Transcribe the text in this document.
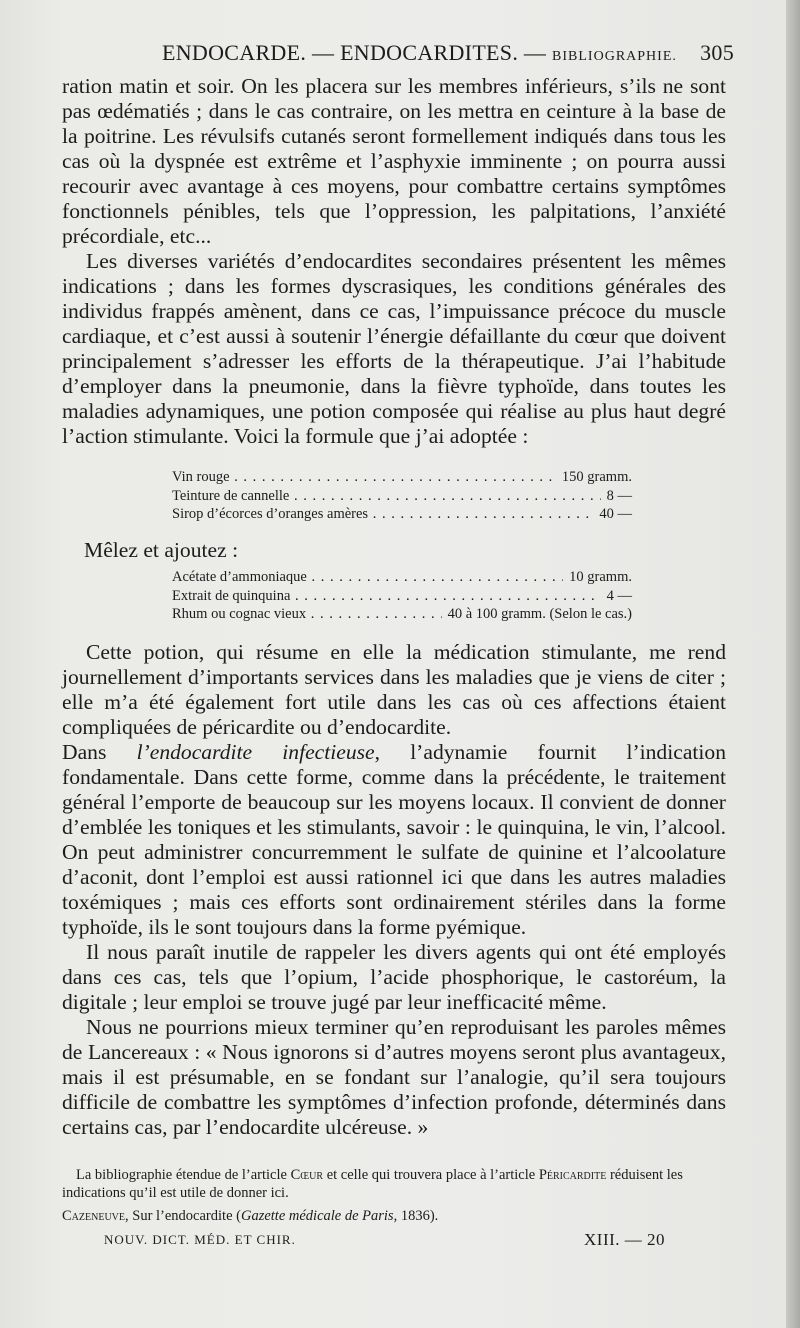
ENDOCARDE. — ENDOCARDITES. — BIBLIOGRAPHIE. 305

ration matin et soir. On les placera sur les membres inférieurs, s’ils ne sont pas œdématiés ; dans le cas contraire, on les mettra en ceinture à la base de la poitrine. Les révulsifs cutanés seront formellement indiqués dans tous les cas où la dyspnée est extrême et l’asphyxie imminente ; on pourra aussi recourir avec avantage à ces moyens, pour combattre certains symptômes fonctionnels pénibles, tels que l’oppression, les palpitations, l’anxiété précordiale, etc...

Les diverses variétés d’endocardites secondaires présentent les mêmes indications ; dans les formes dyscrasiques, les conditions générales des individus frappés amènent, dans ce cas, l’impuissance précoce du muscle cardiaque, et c’est aussi à soutenir l’énergie défaillante du cœur que doivent principalement s’adresser les efforts de la thérapeutique. J’ai l’habitude d’employer dans la pneumonie, dans la fièvre typhoïde, dans toutes les maladies adynamiques, une potion composée qui réalise au plus haut degré l’action stimulante. Voici la formule que j’ai adoptée :

Vin rouge . . .	150 gramm.
Teinture de cannelle . . .	8 —
Sirop d’écorces d’oranges amères . . .	40 —
Mêlez et ajoutez :
Acétate d’ammoniaque . . .	10 gramm.
Extrait de quinquina . . .	4 —
Rhum ou cognac vieux . . .	40 à 100 gramm. (Selon le cas.)

Cette potion, qui résume en elle la médication stimulante, me rend journellement d’importants services dans les maladies que je viens de citer ; elle m’a été également fort utile dans les cas où ces affections étaient compliquées de péricardite ou d’endocardite.

Dans l’endocardite infectieuse, l’adynamie fournit l’indication fondamentale. Dans cette forme, comme dans la précédente, le traitement général l’emporte de beaucoup sur les moyens locaux. Il convient de donner d’emblée les toniques et les stimulants, savoir : le quinquina, le vin, l’alcool. On peut administrer concurremment le sulfate de quinine et l’alcoolature d’aconit, dont l’emploi est aussi rationnel ici que dans les autres maladies toxémiques ; mais ces efforts sont ordinairement stériles dans la forme typhoïde, ils le sont toujours dans la forme pyémique.

Il nous paraît inutile de rappeler les divers agents qui ont été employés dans ces cas, tels que l’opium, l’acide phosphorique, le castoréum, la digitale ; leur emploi se trouve jugé par leur inefficacité même.

Nous ne pourrions mieux terminer qu’en reproduisant les paroles mêmes de Lancereaux : « Nous ignorons si d’autres moyens seront plus avantageux, mais il est présumable, en se fondant sur l’analogie, qu’il sera toujours difficile de combattre les symptômes d’infection profonde, déterminés dans certains cas, par l’endocardite ulcéreuse. »

La bibliographie étendue de l’article Cœur et celle qui trouvera place à l’article Péricardite réduisent les indications qu’il est utile de donner ici.

Cazeneuve, Sur l’endocardite (Gazette médicale de Paris, 1836).

NOUV. DICT. MÉD. ET CHIR.	XIII. — 20
